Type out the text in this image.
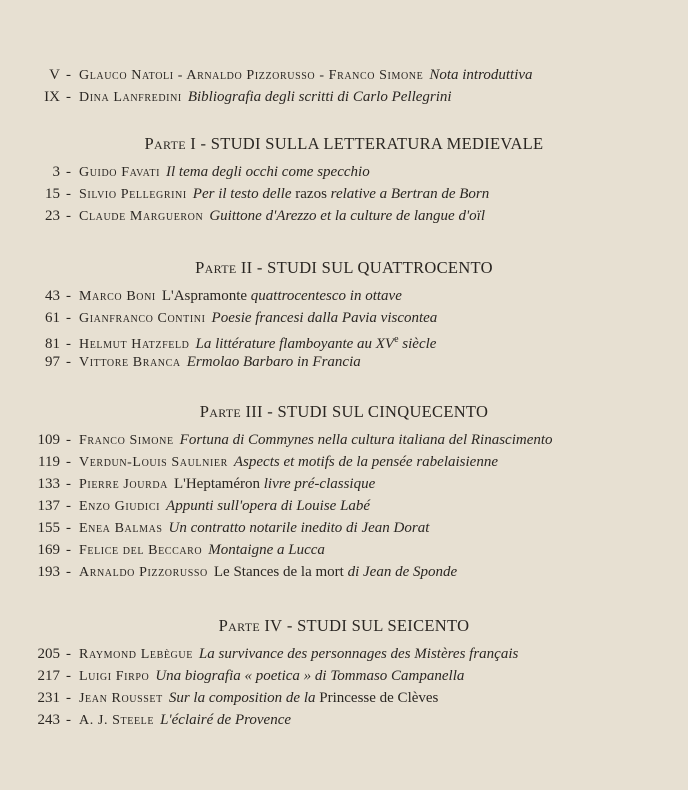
V - Glauco Natoli - Arnaldo Pizzorusso - Franco Simone Nota introduttiva
IX - Dina Lanfredini Bibliografia degli scritti di Carlo Pellegrini
Parte I - STUDI SULLA LETTERATURA MEDIEVALE
3 - Guido Favati Il tema degli occhi come specchio
15 - Silvio Pellegrini Per il testo delle razos relative a Bertran de Born
23 - Claude Margueron Guittone d'Arezzo et la culture de langue d'oïl
Parte II - STUDI SUL QUATTROCENTO
43 - Marco Boni L'Aspramonte quattrocentesco in ottave
61 - Gianfranco Contini Poesie francesi dalla Pavia viscontea
81 - Helmut Hatzfeld La littérature flamboyante au XVe siècle
97 - Vittore Branca Ermolao Barbaro in Francia
Parte III - STUDI SUL CINQUECENTO
109 - Franco Simone Fortuna di Commynes nella cultura italiana del Rinascimento
119 - Verdun-Louis Saulnier Aspects et motifs de la pensée rabelaisienne
133 - Pierre Jourda L'Heptaméron livre pré-classique
137 - Enzo Giudici Appunti sull'opera di Louise Labé
155 - Enea Balmas Un contratto notarile inedito di Jean Dorat
169 - Felice del Beccaro Montaigne a Lucca
193 - Arnaldo Pizzorusso Le Stances de la mort di Jean de Sponde
Parte IV - STUDI SUL SEICENTO
205 - Raymond Lebègue La survivance des personnages des Mistères français
217 - Luigi Firpo Una biografia « poetica » di Tommaso Campanella
231 - Jean Rousset Sur la composition de la Princesse de Clèves
243 - A. J. Steele L'éclairé de Provence
